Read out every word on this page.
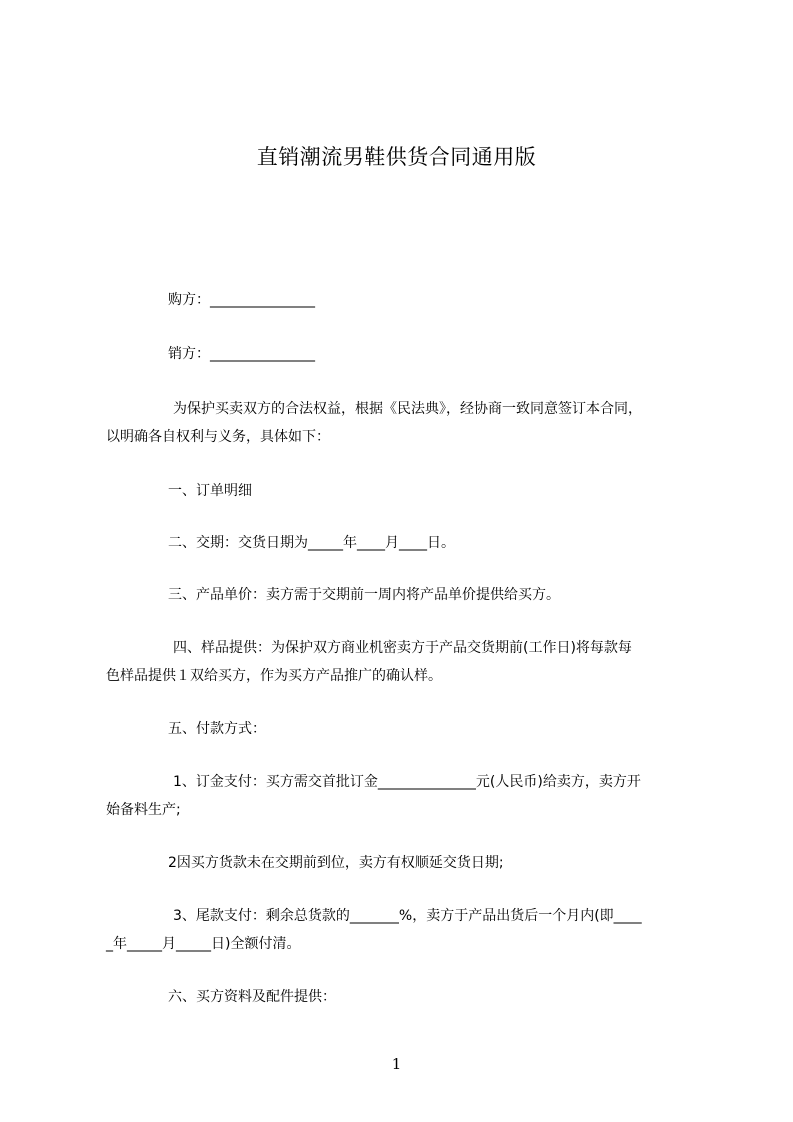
直销潮流男鞋供货合同通用版
购方：_______________
销方：_______________
为保护买卖双方的合法权益，根据《民法典》，经协商一致同意签订本合同，
以明确各自权利与义务，具体如下：
一、订单明细
二、交期：交货日期为_____年____月____日。
三、产品单价：卖方需于交期前一周内将产品单价提供给买方。
四、样品提供：为保护双方商业机密卖方于产品交货期前(工作日)将每款每
色样品提供１双给买方，作为买方产品推广的确认样。
五、付款方式：
1、订金支付：买方需交首批订金______________元(人民币)给卖方，卖方开
始备料生产;
2因买方货款未在交期前到位，卖方有权顺延交货日期;
3、尾款支付：剩余总货款的_______%，卖方于产品出货后一个月内(即____
_年_____月_____日)全额付清。
六、买方资料及配件提供：
1
